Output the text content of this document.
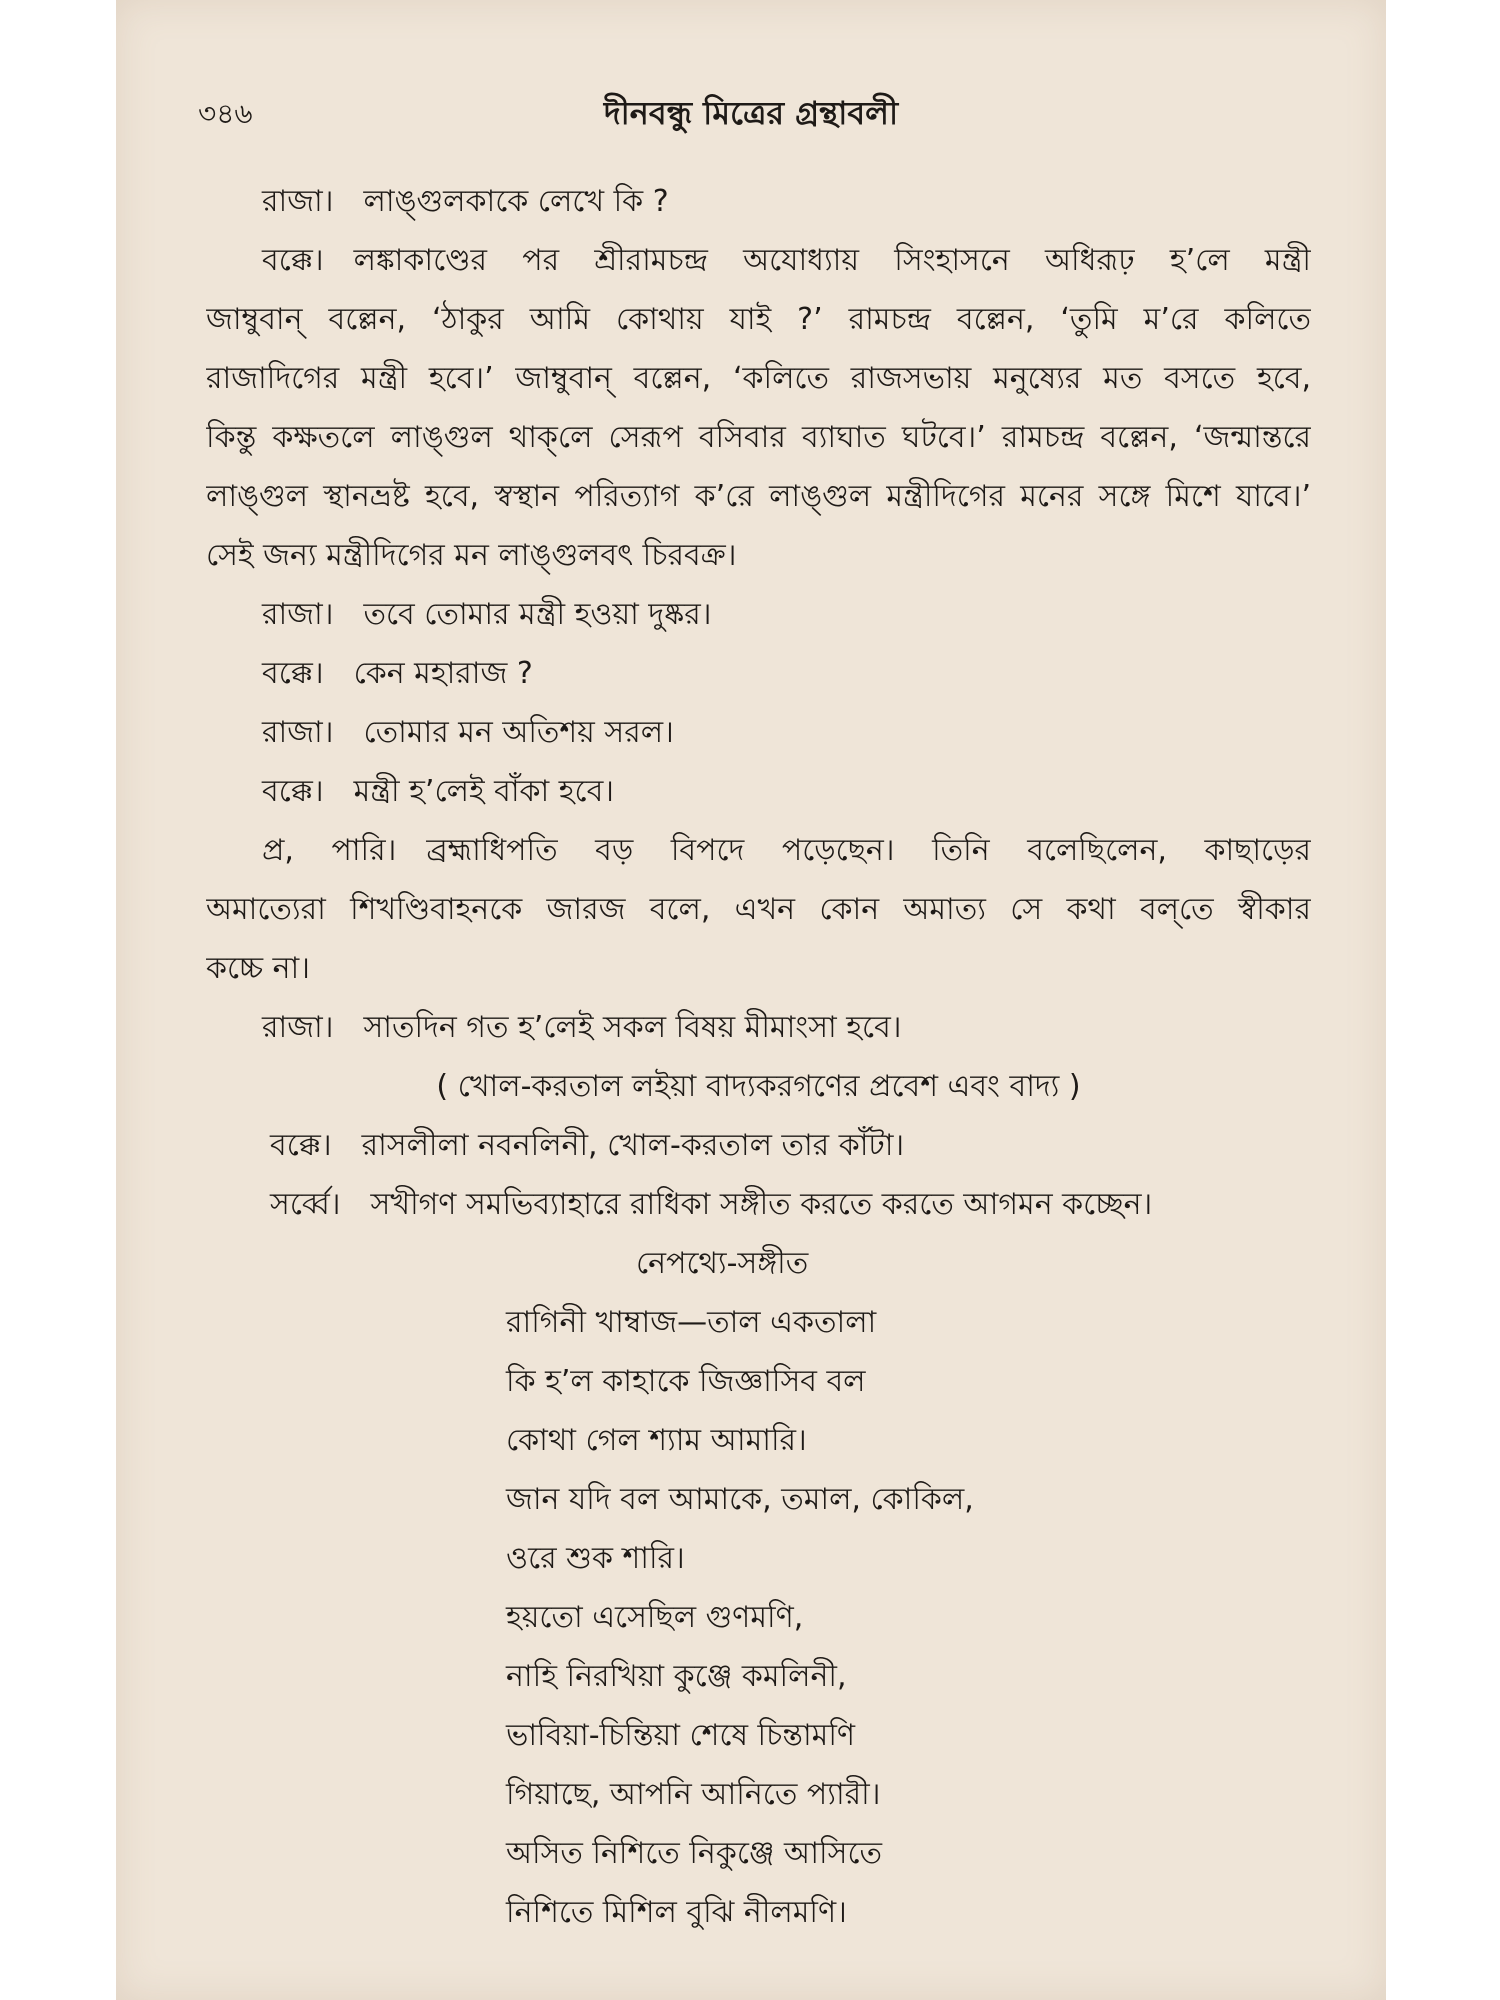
৩৪৬	দীনবন্ধু মিত্রের গ্রন্থাবলী
রাজা। লাঙ্গুলকাকে লেখে কি ?
বক্কে। লঙ্কাকাণ্ডের পর শ্রীরামচন্দ্র অযোধ্যায় সিংহাসনে অধিরূঢ় হ’লে মন্ত্রী
জাম্বুবান্ বল্লেন, ‘ঠাকুর আমি কোথায় যাই ?’ রামচন্দ্র বল্লেন, ‘তুমি ম’রে কলিতে
রাজাদিগের মন্ত্রী হবে।’ জাম্বুবান্ বল্লেন, ‘কলিতে রাজসভায় মনুষ্যের মত বসতে হবে,
কিন্তু কক্ষতলে লাঙ্গুল থাক্‌লে সেরূপ বসিবার ব্যাঘাত ঘটবে।’ রামচন্দ্র বল্লেন, ‘জন্মান্তরে
লাঙ্গুল স্থানভ্রষ্ট হবে, স্বস্থান পরিত্যাগ ক’রে লাঙ্গুল মন্ত্রীদিগের মনের সঙ্গে মিশে যাবে।’
সেই জন্য মন্ত্রীদিগের মন লাঙ্গুলবৎ চিরবক্র।
রাজা। তবে তোমার মন্ত্রী হওয়া দুষ্কর।
বক্কে। কেন মহারাজ ?
রাজা। তোমার মন অতিশয় সরল।
বক্কে। মন্ত্রী হ’লেই বাঁকা হবে।
প্র, পারি। ব্রহ্মাধিপতি বড় বিপদে পড়েছেন। তিনি বলেছিলেন, কাছাড়ের
অমাত্যেরা শিখণ্ডিবাহনকে জারজ বলে, এখন কোন অমাত্য সে কথা বল্‌তে স্বীকার
কচ্চে না।
রাজা। সাতদিন গত হ’লেই সকল বিষয় মীমাংসা হবে।
( খোল-করতাল লইয়া বাদ্যকরগণের প্রবেশ এবং বাদ্য )
বক্কে। রাসলীলা নবনলিনী, খোল-করতাল তার কাঁটা।
সর্ব্বে। সখীগণ সমভিব্যাহারে রাধিকা সঙ্গীত করতে করতে আগমন কচ্ছেন।
নেপথ্যে-সঙ্গীত
রাগিনী খাম্বাজ—তাল একতালা
কি হ’ল কাহাকে জিজ্ঞাসিব বল
কোথা গেল শ্যাম আমারি।
জান যদি বল আমাকে, তমাল, কোকিল,
ওরে শুক শারি।
হয়তো এসেছিল গুণমণি,
নাহি নিরখিয়া কুঞ্জে কমলিনী,
ভাবিয়া-চিন্তিয়া শেষে চিন্তামণি
গিয়াছে, আপনি আনিতে প্যারী।
অসিত নিশিতে নিকুঞ্জে আসিতে
নিশিতে মিশিল বুঝি নীলমণি।
